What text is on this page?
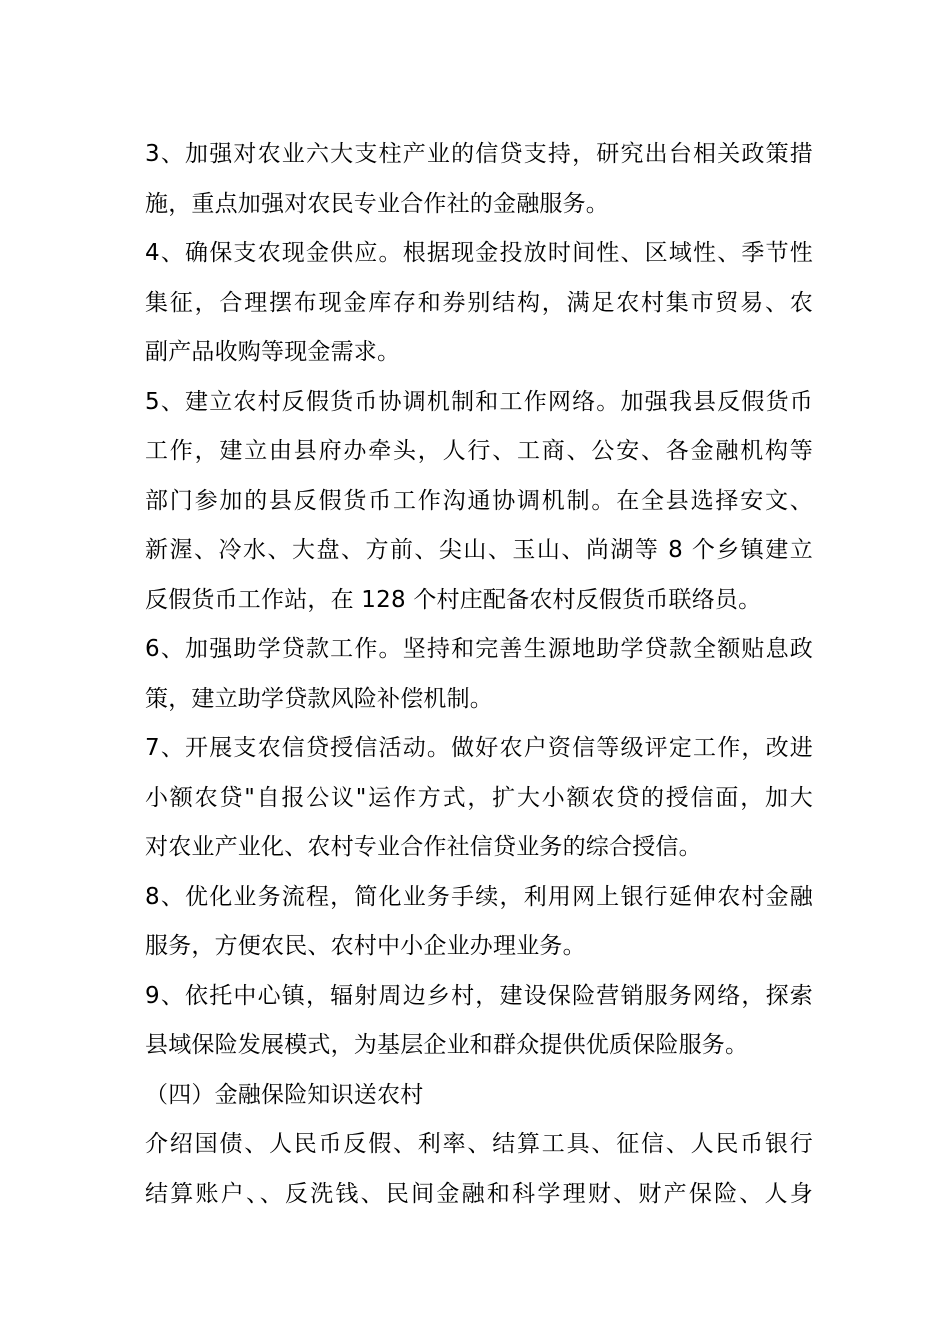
3、加强对农业六大支柱产业的信贷支持，研究出台相关政策措
施，重点加强对农民专业合作社的金融服务。
4、确保支农现金供应。根据现金投放时间性、区域性、季节性
集征，合理摆布现金库存和券别结构，满足农村集市贸易、农
副产品收购等现金需求。
5、建立农村反假货币协调机制和工作网络。加强我县反假货币
工作，建立由县府办牵头，人行、工商、公安、各金融机构等
部门参加的县反假货币工作沟通协调机制。在全县选择安文、
新渥、冷水、大盘、方前、尖山、玉山、尚湖等 8 个乡镇建立
反假货币工作站，在 128 个村庄配备农村反假货币联络员。
6、加强助学贷款工作。坚持和完善生源地助学贷款全额贴息政
策，建立助学贷款风险补偿机制。
7、开展支农信贷授信活动。做好农户资信等级评定工作，改进
小额农贷"自报公议"运作方式，扩大小额农贷的授信面，加大
对农业产业化、农村专业合作社信贷业务的综合授信。
8、优化业务流程，简化业务手续，利用网上银行延伸农村金融
服务，方便农民、农村中小企业办理业务。
9、依托中心镇，辐射周边乡村，建设保险营销服务网络，探索
县域保险发展模式，为基层企业和群众提供优质保险服务。
（四）金融保险知识送农村
介绍国债、人民币反假、利率、结算工具、征信、人民币银行
结算账户、、反洗钱、民间金融和科学理财、财产保险、人身
